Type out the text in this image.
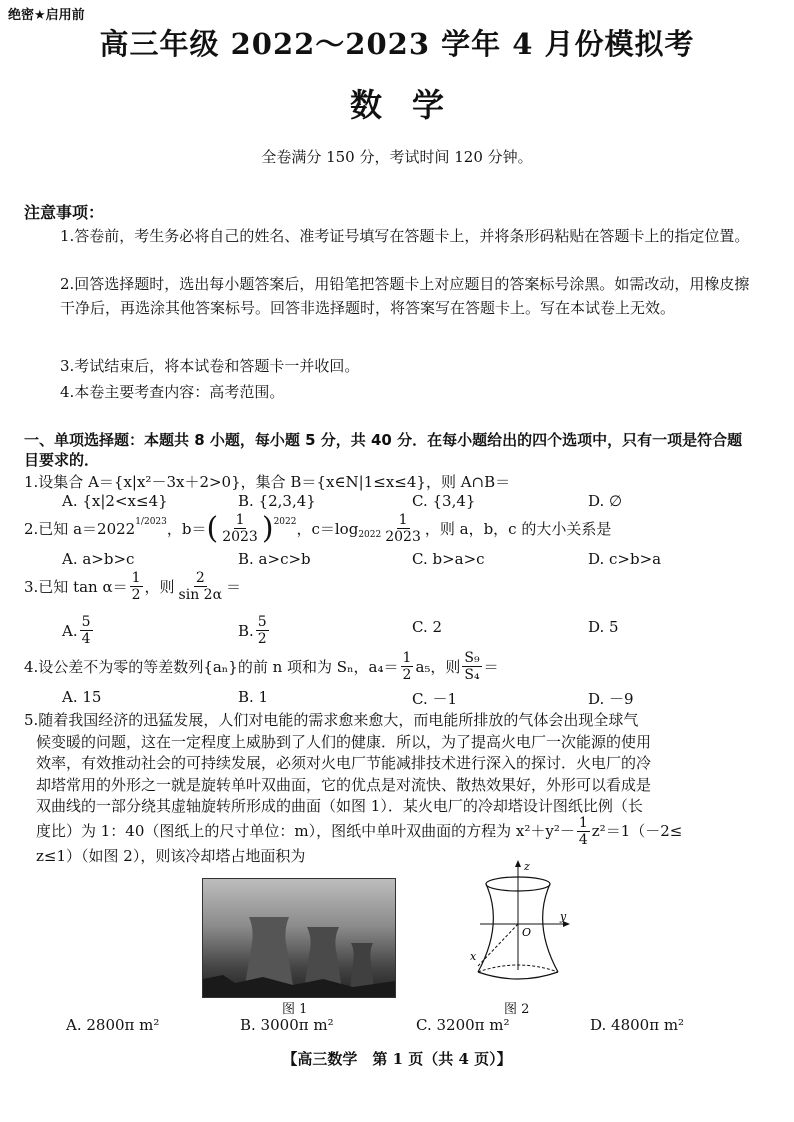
绝密★启用前
高三年级 2022～2023 学年 4 月份模拟考
数学
全卷满分 150 分，考试时间 120 分钟。
注意事项：
1.答卷前，考生务必将自己的姓名、准考证号填写在答题卡上，并将条形码粘贴在答题卡上的指定位置。
2.回答选择题时，选出每小题答案后，用铅笔把答题卡上对应题目的答案标号涂黑。如需改动，用橡皮擦干净后，再选涂其他答案标号。回答非选择题时，将答案写在答题卡上。写在本试卷上无效。
3.考试结束后，将本试卷和答题卡一并收回。
4.本卷主要考查内容：高考范围。
一、单项选择题：本题共 8 小题，每小题 5 分，共 40 分．在每小题给出的四个选项中，只有一项是符合题目要求的．
1.设集合 A＝{x|x²－3x＋2>0}，集合 B＝{x∈N|1≤x≤4}，则 A∩B＝
A. {x|2<x≤4}	B. {2,3,4}	C. {3,4}	D. ∅
2.已知 $a=2022^{1/2023}$ ，b＝ ( $\frac{1}{2023} )^{2022}$ ，$c=\log_{2022} \frac{1}{2023}$ ，则 a，b，c 的大小关系是
A. a>b>c	B. a>c>b	C. b>a>c	D. c>b>a
3.已知 $\tan \alpha= \frac{1}{2}$ ，则 $\frac{2}{\sin 2\alpha}$ ＝
A. $\frac{5}{4}$	B. $\frac{5}{2}$	C. 2	D. 5
4.设公差不为零的等差数列{aₙ}的前 n 项和为 Sₙ，$a_4= \frac{1}{2} a_5$，则 $\frac{\text{S₉}}{\text{S₄}}$ ＝
A. 15	B. 1	C. －1	D. －9
5.随着我国经济的迅猛发展，人们对电能的需求愈来愈大，而电能所排放的气体会出现全球气
候变暖的问题，这在一定程度上威胁到了人们的健康．所以，为了提高火电厂一次能源的使用
效率，有效推动社会的可持续发展，必须对火电厂节能减排技术进行深入的探讨．火电厂的冷
却塔常用的外形之一就是旋转单叶双曲面，它的优点是对流快、散热效果好，外形可以看成是
双曲线的一部分绕其虚轴旋转所形成的曲面（如图 1）．某火电厂的冷却塔设计图纸比例（长
度比）为 1：40（图纸上的尺寸单位：m），图纸中单叶双曲面的方程为 $x^2+y^2- \frac{1}{4} z^2=1(-2\le$
z≤1）（如图 2），则该冷却塔占地面积为
图 1
z
y
x
O
图 2
A. 2800π m²	B. 3000π m²	C. 3200π m²	D. 4800π m²
【高三数学　第 1 页（共 4 页）】
